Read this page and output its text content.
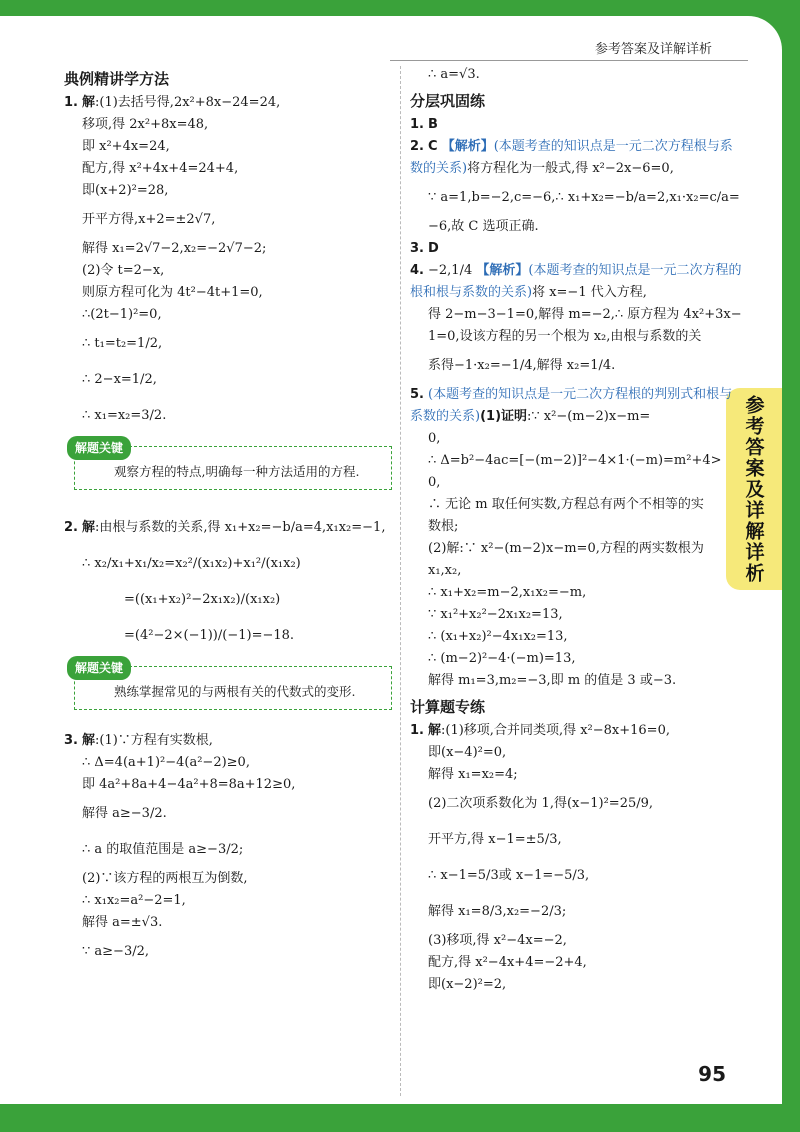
参考答案及详解详析
参考答案及详解详析
典例精讲学方法
1. 解:(1)去括号得,2x²+8x−24=24,
移项,得 2x²+8x=48,
即 x²+4x=24,
配方,得 x²+4x+4=24+4,
即(x+2)²=28,
开平方得,x+2=±2√7,
解得 x₁=2√7−2,x₂=−2√7−2;
(2)令 t=2−x,
则原方程可化为 4t²−4t+1=0,
∴(2t−1)²=0,
∴ t₁=t₂=1/2,
∴ 2−x=1/2,
∴ x₁=x₂=3/2.
解题关键
观察方程的特点,明确每一种方法适用的方程.
2. 解:由根与系数的关系,得 x₁+x₂=−b/a=4,x₁x₂=−1,
∴ x₂/x₁+x₁/x₂=x₂²/(x₁x₂)+x₁²/(x₁x₂)
=((x₁+x₂)²−2x₁x₂)/(x₁x₂)
=(4²−2×(−1))/(−1)=−18.
解题关键
熟练掌握常见的与两根有关的代数式的变形.
3. 解:(1)∵方程有实数根,
∴ Δ=4(a+1)²−4(a²−2)≥0,
即 4a²+8a+4−4a²+8=8a+12≥0,
解得 a≥−3/2.
∴ a 的取值范围是 a≥−3/2;
(2)∵该方程的两根互为倒数,
∴ x₁x₂=a²−2=1,
解得 a=±√3.
∵ a≥−3/2,
∴ a=√3.
分层巩固练
1. B
2. C 【解析】(本题考查的知识点是一元二次方程根与系数的关系)将方程化为一般式,得 x²−2x−6=0,
∵ a=1,b=−2,c=−6,∴ x₁+x₂=−b/a=2,x₁·x₂=c/a=
−6,故 C 选项正确.
3. D
4. −2,1/4 【解析】(本题考查的知识点是一元二次方程的根和根与系数的关系)将 x=−1 代入方程,
得 2−m−3−1=0,解得 m=−2,∴ 原方程为 4x²+3x−
1=0,设该方程的另一个根为 x₂,由根与系数的关
系得−1·x₂=−1/4,解得 x₂=1/4.
5. (本题考查的知识点是一元二次方程根的判别式和根与系数的关系)(1)证明:∵ x²−(m−2)x−m=
0,
∴ Δ=b²−4ac=[−(m−2)]²−4×1·(−m)=m²+4>
0,
∴ 无论 m 取任何实数,方程总有两个不相等的实
数根;
(2)解:∵ x²−(m−2)x−m=0,方程的两实数根为
x₁,x₂,
∴ x₁+x₂=m−2,x₁x₂=−m,
∵ x₁²+x₂²−2x₁x₂=13,
∴ (x₁+x₂)²−4x₁x₂=13,
∴ (m−2)²−4·(−m)=13,
解得 m₁=3,m₂=−3,即 m 的值是 3 或−3.
计算题专练
1. 解:(1)移项,合并同类项,得 x²−8x+16=0,
即(x−4)²=0,
解得 x₁=x₂=4;
(2)二次项系数化为 1,得(x−1)²=25/9,
开平方,得 x−1=±5/3,
∴ x−1=5/3或 x−1=−5/3,
解得 x₁=8/3,x₂=−2/3;
(3)移项,得 x²−4x=−2,
配方,得 x²−4x+4=−2+4,
即(x−2)²=2,
95
